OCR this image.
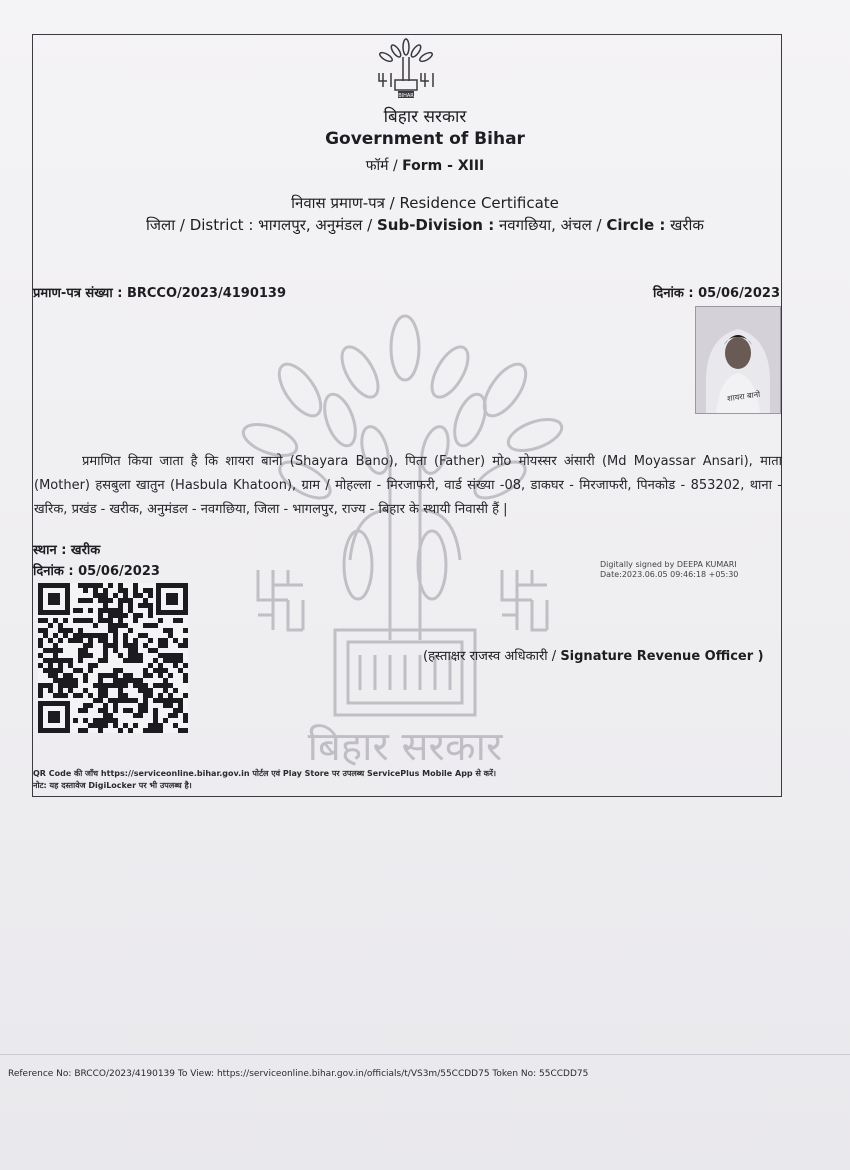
बिहार सरकार
BIHAR
बिहार सरकार
Government of Bihar
फॉर्म / Form - XIII
निवास प्रमाण-पत्र / Residence Certificate
जिला / District : भागलपुर, अनुमंडल / Sub-Division : नवगछिया, अंचल / Circle : खरीक
प्रमाण-पत्र संख्या : BRCCO/2023/4190139	दिनांक : 05/06/2023
शायरा बानो
प्रमाणित किया जाता है कि शायरा बानो (Shayara Bano), पिता (Father) मोo मोयस्सर अंसारी (Md Moyassar Ansari), माता (Mother) हसबुला खातुन (Hasbula Khatoon), ग्राम / मोहल्ला - मिरजाफरी, वार्ड संख्या -08, डाकघर - मिरजाफरी, पिनकोड - 853202, थाना - खरिक, प्रखंड - खरीक, अनुमंडल - नवगछिया, जिला - भागलपुर, राज्य - बिहार के स्थायी निवासी हैं |
स्थान : खरीक
दिनांक : 05/06/2023	Digitally signed by DEEPA KUMARI
Date:2023.06.05 09:46:18 +05:30
(हस्ताक्षर राजस्व अधिकारी / Signature Revenue Officer )
QR Code की जाँच https://serviceonline.bihar.gov.in पोर्टल एवं Play Store पर उपलब्ध ServicePlus Mobile App से करें।
नोट: यह दस्तावेज DigiLocker पर भी उपलब्ध है।
Reference No: BRCCO/2023/4190139 To View: https://serviceonline.bihar.gov.in/officials/t/VS3m/55CCDD75 Token No: 55CCDD75
